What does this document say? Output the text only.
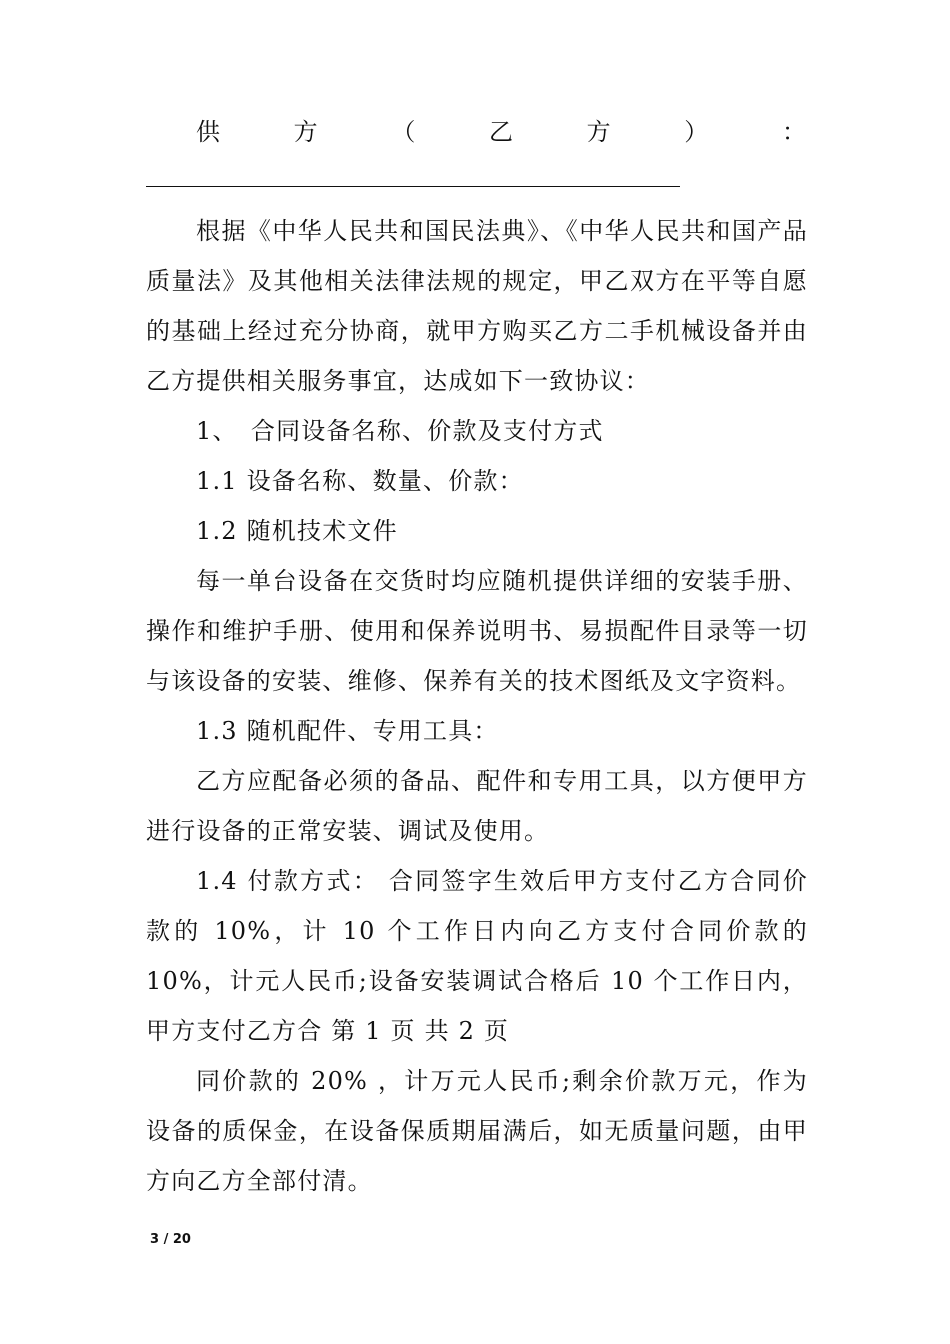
供	方	（	乙	方	）	：

根据《中华人民共和国民法典》、《中华人民共和国产品质量法》及其他相关法律法规的规定，甲乙双方在平等自愿的基础上经过充分协商，就甲方购买乙方二手机械设备并由乙方提供相关服务事宜，达成如下一致协议：

1、　合同设备名称、价款及支付方式

1.1 设备名称、数量、价款：

1.2 随机技术文件

每一单台设备在交货时均应随机提供详细的安装手册、操作和维护手册、使用和保养说明书、易损配件目录等一切与该设备的安装、维修、保养有关的技术图纸及文字资料。

1.3 随机配件、专用工具：

乙方应配备必须的备品、配件和专用工具，以方便甲方进行设备的正常安装、调试及使用。

1.4 付款方式： 合同签字生效后甲方支付乙方合同价款的 10%，计 10 个工作日内向乙方支付合同价款的 10%，计元人民币;设备安装调试合格后 10 个工作日内，甲方支付乙方合 第 1 页 共 2 页

同价款的 20% ，计万元人民币;剩余价款万元，作为设备的质保金，在设备保质期届满后，如无质量问题，由甲方向乙方全部付清。

3 / 20
